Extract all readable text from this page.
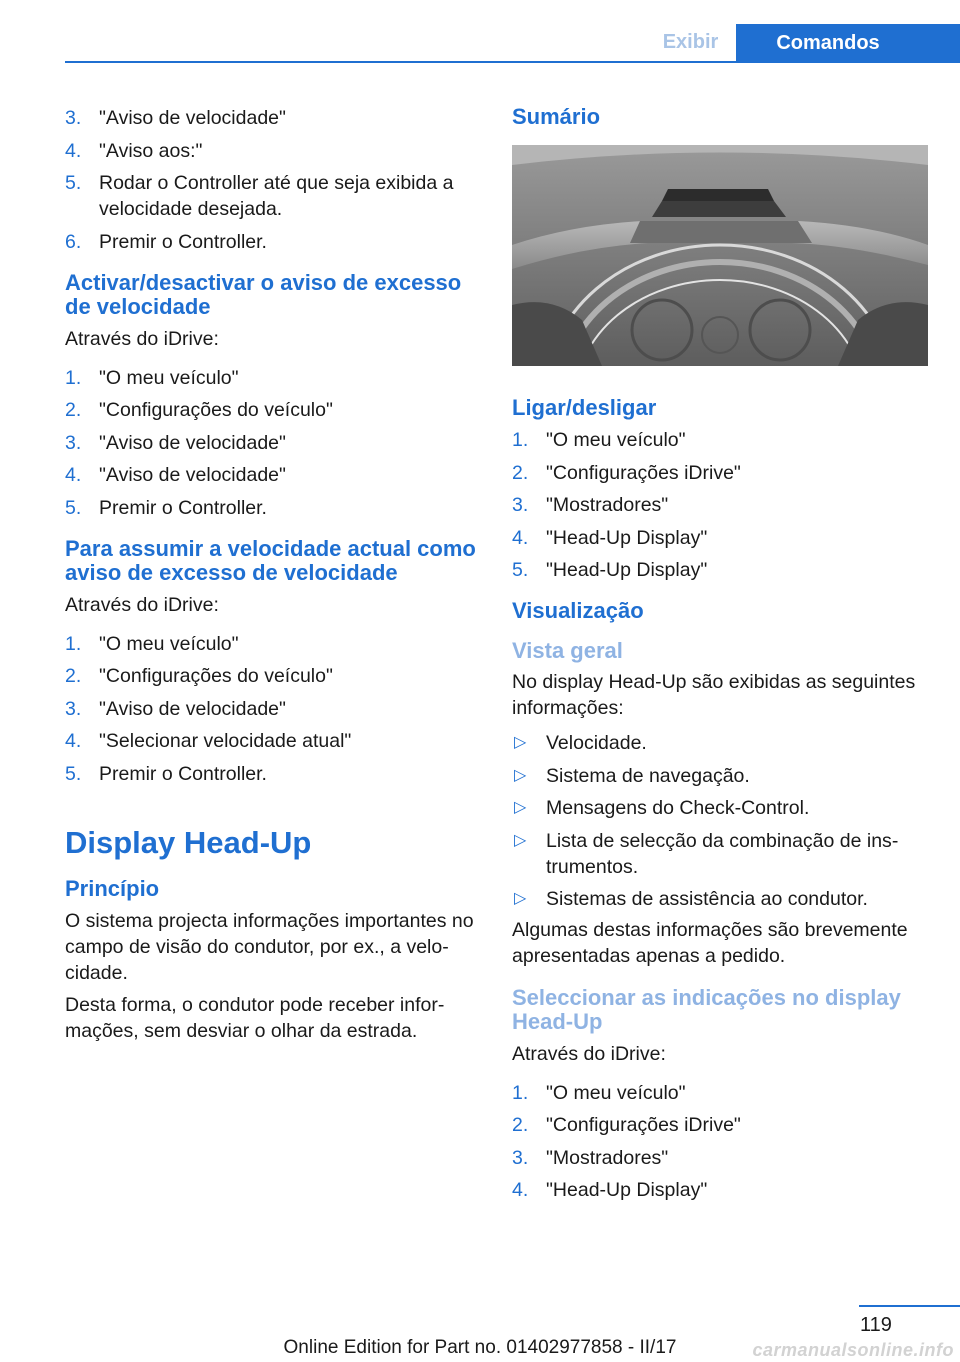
Exibir	Comandos
3. "Aviso de velocidade"
4. "Aviso aos:"
5. Rodar o Controller até que seja exibida a velocidade desejada.
6. Premir o Controller.
Activar/desactivar o aviso de excesso de velocidade

Através do iDrive:

1. "O meu veículo"
2. "Configurações do veículo"
3. "Aviso de velocidade"
4. "Aviso de velocidade"
5. Premir o Controller.
Para assumir a velocidade actual como aviso de excesso de velocidade

Através do iDrive:

1. "O meu veículo"
2. "Configurações do veículo"
3. "Aviso de velocidade"
4. "Selecionar velocidade atual"
5. Premir o Controller.
Display Head-Up
Princípio

O sistema projecta informações importantes no campo de visão do condutor, por ex., a velocidade.

Desta forma, o condutor pode receber informações, sem desviar o olhar da estrada.

Sumário
Ligar/desligar
1. "O meu veículo"
2. "Configurações iDrive"
3. "Mostradores"
4. "Head-Up Display"
5. "Head-Up Display"
Visualização
Vista geral

No display Head-Up são exibidas as seguintes informações:

▷ Velocidade.
▷ Sistema de navegação.
▷ Mensagens do Check-Control.
▷ Lista de selecção da combinação de instrumentos.
▷ Sistemas de assistência ao condutor.

Algumas destas informações são brevemente apresentadas apenas a pedido.

Seleccionar as indicações no display Head-Up

Através do iDrive:

1. "O meu veículo"
2. "Configurações iDrive"
3. "Mostradores"
4. "Head-Up Display"
119
Online Edition for Part no. 01402977858 - II/17	carmanualsonline.info
